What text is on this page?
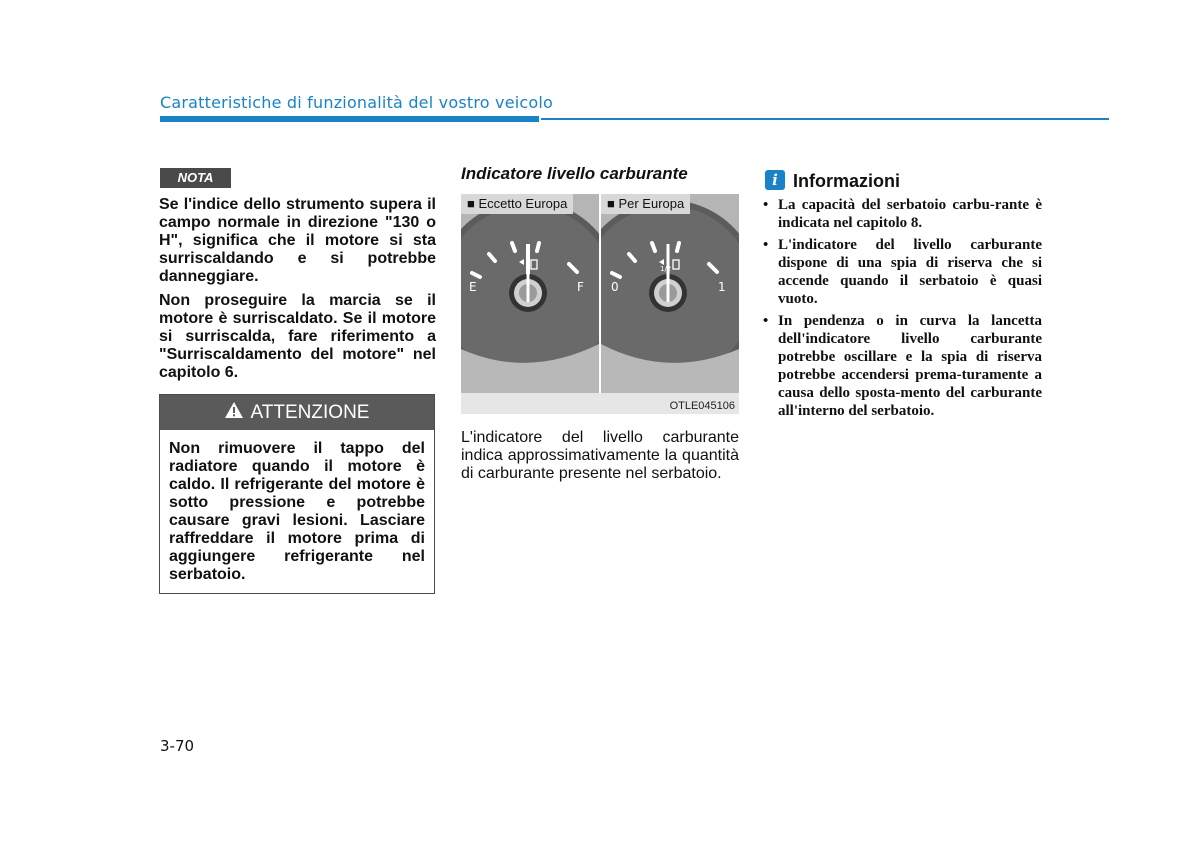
Caratteristiche di funzionalità del vostro veicolo
NOTA

Se l'indice dello strumento supera il campo normale in direzione "130 o H", significa che il motore si sta surriscaldando e si potrebbe danneggiare.

Non proseguire la marcia se il motore è surriscaldato. Se il motore si surriscalda, fare riferimento a "Surriscaldamento del motore" nel capitolo 6.

ATTENZIONE

Non rimuovere il tappo del radiatore quando il motore è caldo. Il refrigerante del motore è sotto pressione e potrebbe causare gravi lesioni. Lasciare raffreddare il motore prima di aggiungere refrigerante nel serbatoio.

Indicatore livello carburante
E	F
■ Eccetto Europa
0	1
1/2
■ Per Europa
OTLE045106

L'indicatore del livello carburante indica approssimativamente la quantità di carburante presente nel serbatoio.

i Informazioni
• La capacità del serbatoio carbu-rante è indicata nel capitolo 8.
• L'indicatore del livello carburante dispone di una spia di riserva che si accende quando il serbatoio è quasi vuoto.
• In pendenza o in curva la lancetta dell'indicatore livello carburante potrebbe oscillare e la spia di riserva potrebbe accendersi prema-turamente a causa dello sposta-mento del carburante all'interno del serbatoio.
3-70
